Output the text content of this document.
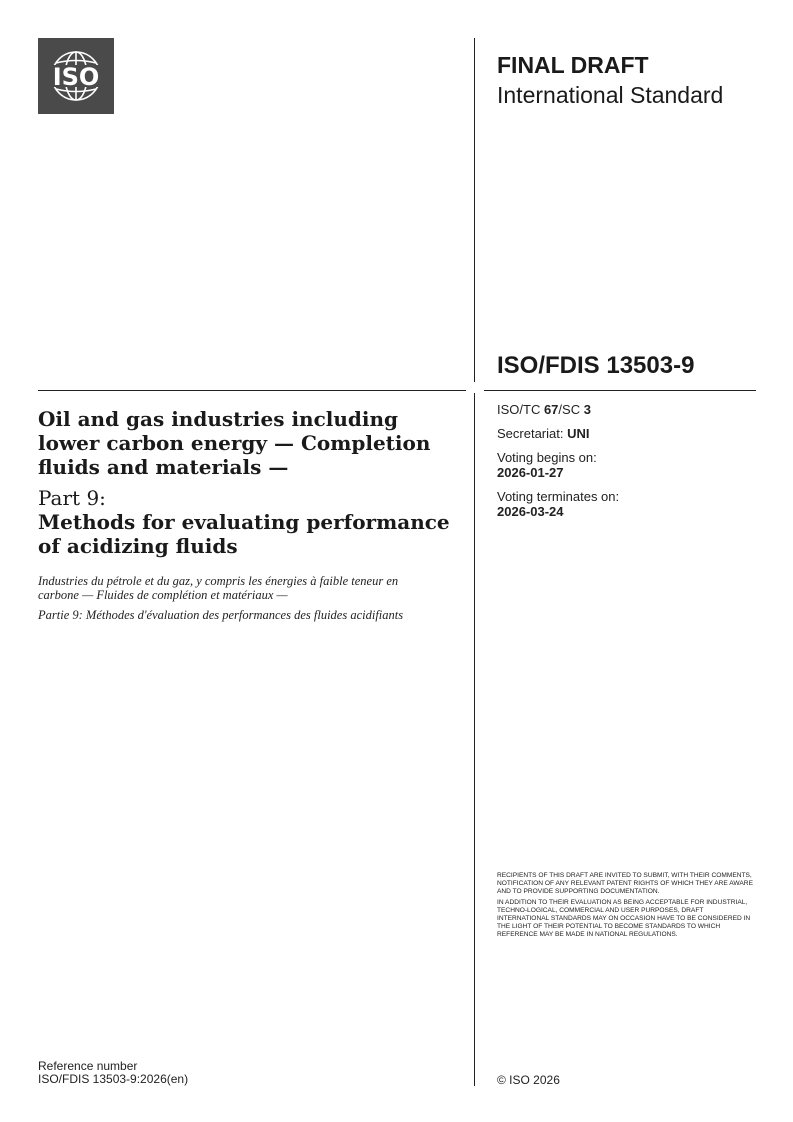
ISO	FINAL DRAFT
International Standard
ISO/FDIS 13503-9
ISO/TC 67/SC 3
Secretariat: UNI
Voting begins on:
2026-01-27
Voting terminates on:
2026-03-24
Oil and gas industries including lower carbon energy — Completion fluids and materials —
Part 9:
Methods for evaluating performance of acidizing fluids
Industries du pétrole et du gaz, y compris les énergies à faible teneur en carbone — Fluides de complétion et matériaux —
Partie 9: Méthodes d'évaluation des performances des fluides acidifiants

RECIPIENTS OF THIS DRAFT ARE INVITED TO SUBMIT, WITH THEIR COMMENTS, NOTIFICATION OF ANY RELEVANT PATENT RIGHTS OF WHICH THEY ARE AWARE AND TO PROVIDE SUPPORTING DOCUMENTATION.

IN ADDITION TO THEIR EVALUATION AS BEING ACCEPTABLE FOR INDUSTRIAL, TECHNO-LOGICAL, COMMERCIAL AND USER PURPOSES, DRAFT INTERNATIONAL STANDARDS MAY ON OCCASION HAVE TO BE CONSIDERED IN THE LIGHT OF THEIR POTENTIAL TO BECOME STANDARDS TO WHICH REFERENCE MAY BE MADE IN NATIONAL REGULATIONS.

Reference number
ISO/FDIS 13503-9:2026(en)	© ISO 2026
